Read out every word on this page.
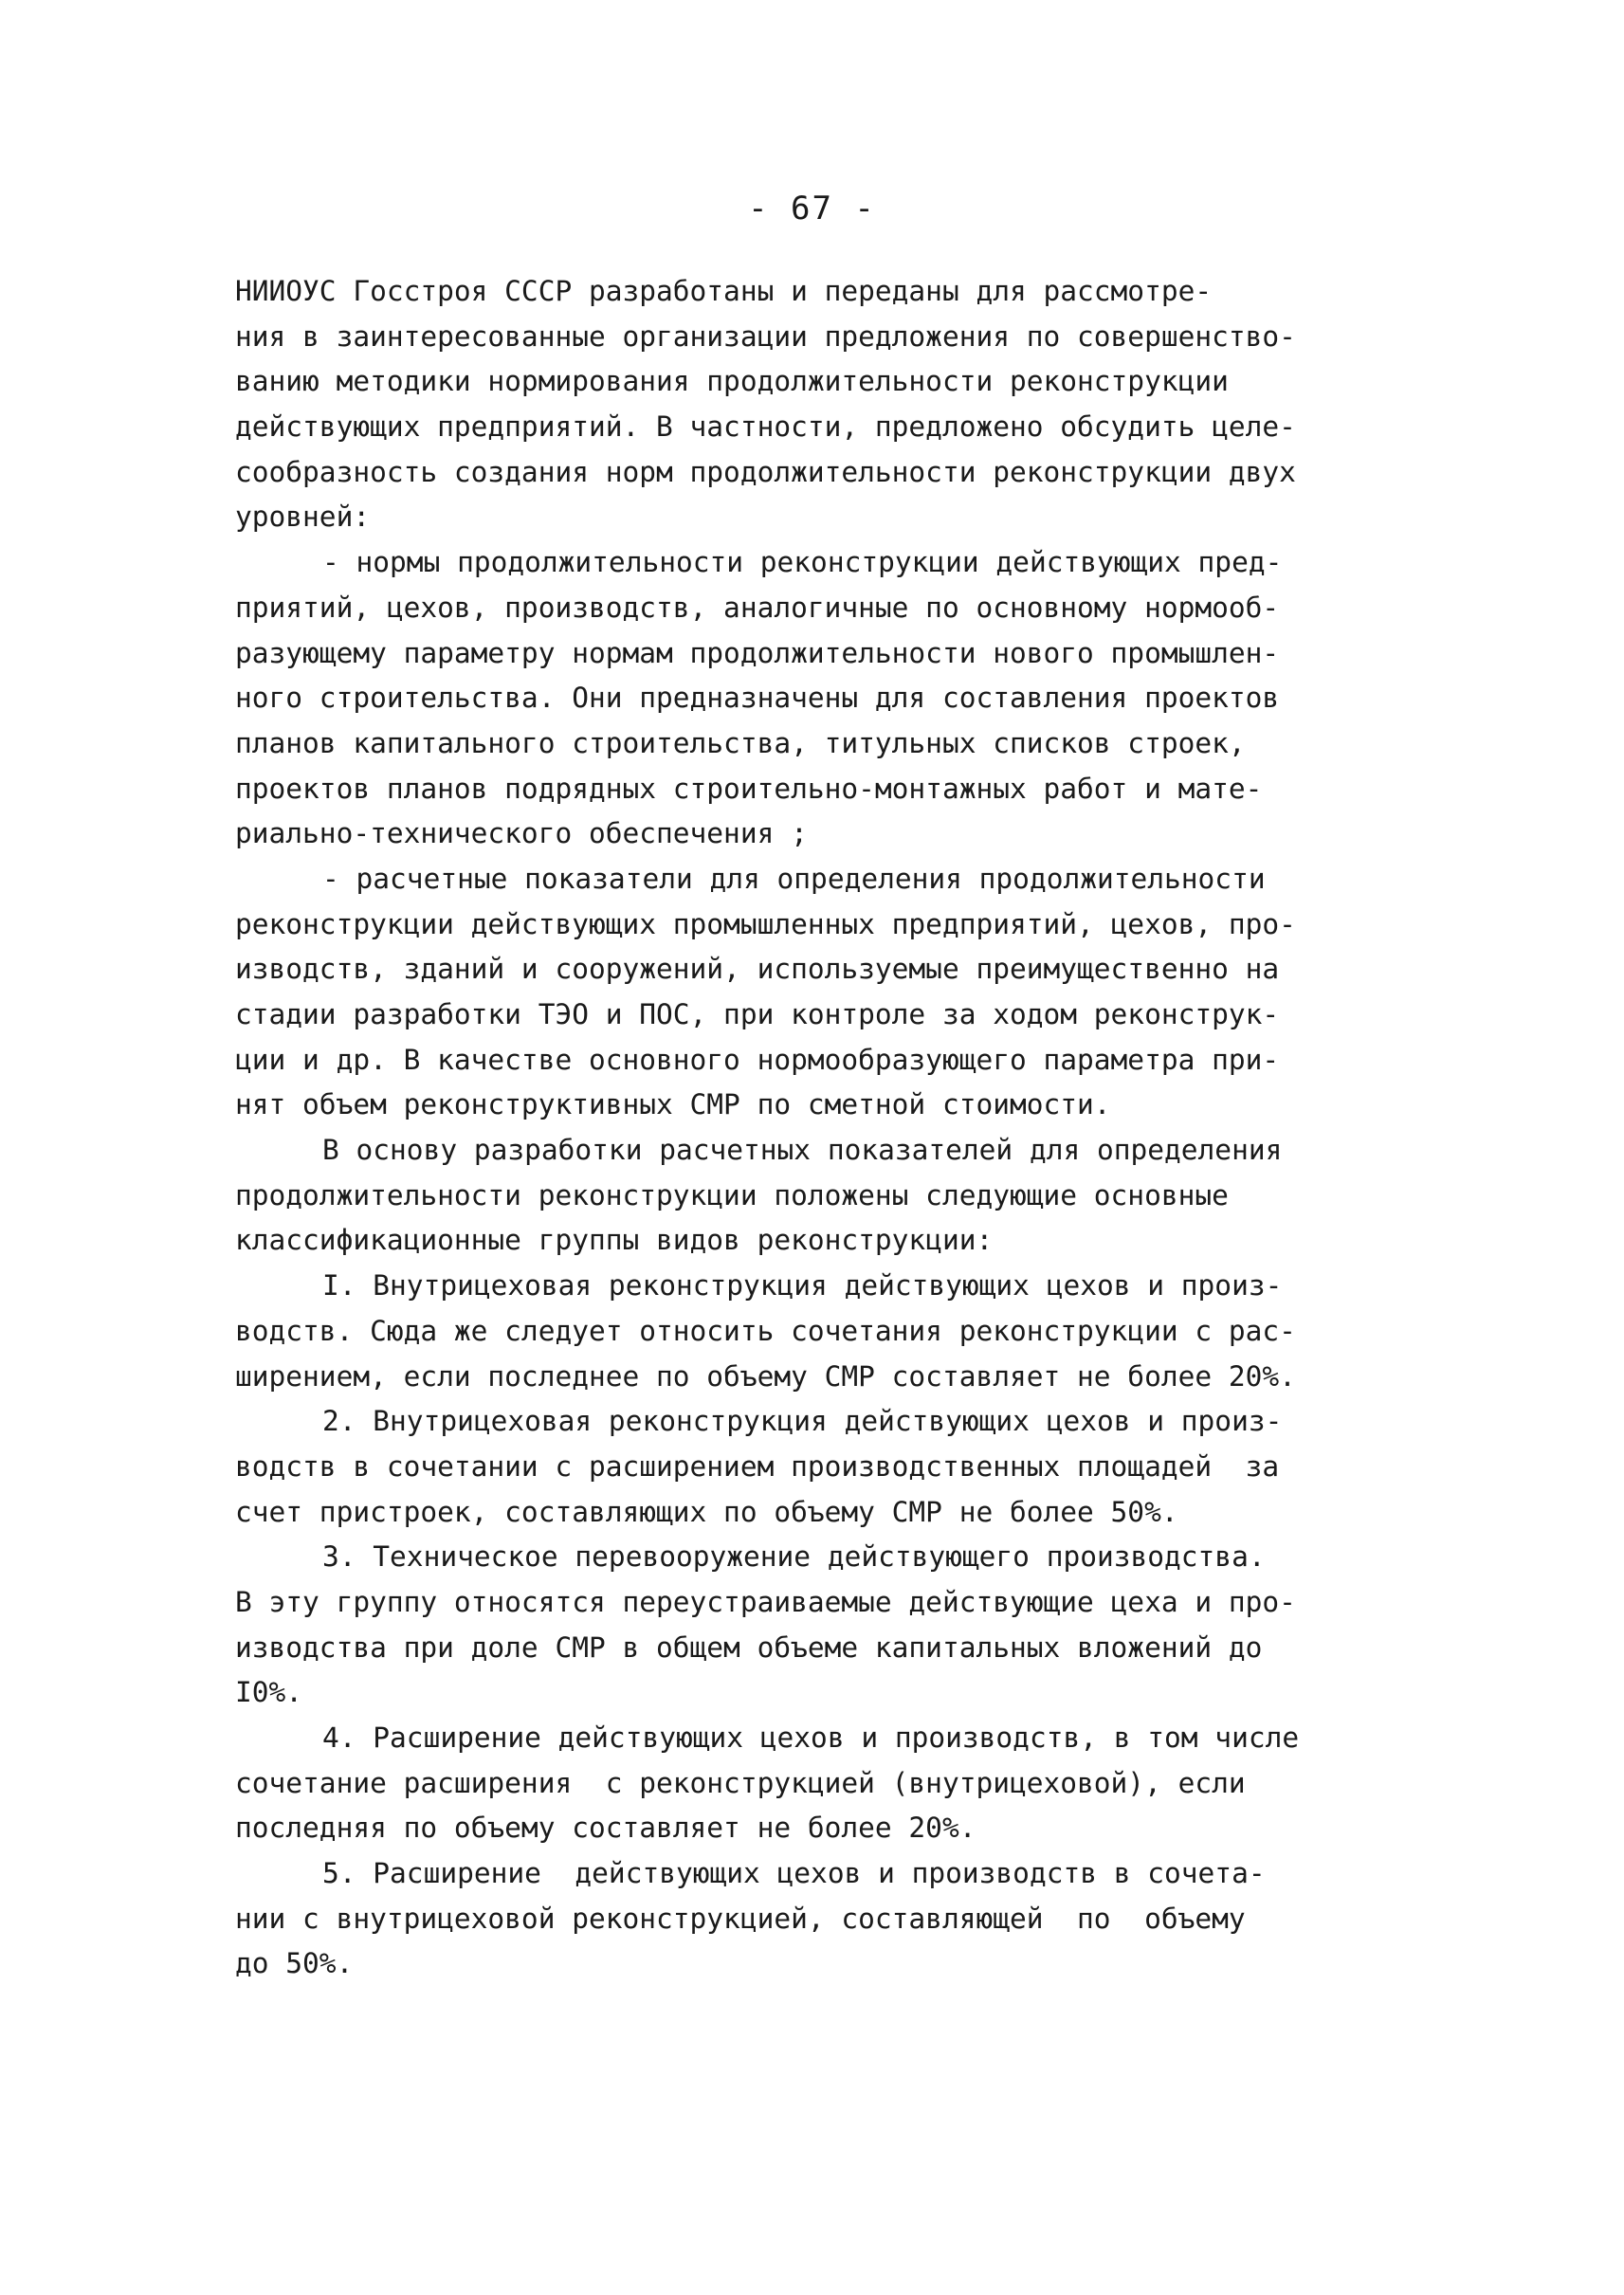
- 67 -
НИИОУС Госстроя СССР разработаны и переданы для рассмотре-
ния в заинтересованные организации предложения по совершенство-
ванию методики нормирования продолжительности реконструкции
действующих предприятий. В частности, предложено обсудить целе-
сообразность создания норм продолжительности реконструкции двух
уровней:
- нормы продолжительности реконструкции действующих пред-
приятий, цехов, производств, аналогичные по основному нормооб-
разующему параметру нормам продолжительности нового промышлен-
ного строительства. Они предназначены для составления проектов
планов капитального строительства, титульных списков строек,
проектов планов подрядных строительно-монтажных работ и мате-
риально-технического обеспечения ;
- расчетные показатели для определения продолжительности
реконструкции действующих промышленных предприятий, цехов, про-
изводств, зданий и сооружений, используемые преимущественно на
стадии разработки ТЭО и ПОС, при контроле за ходом реконструк-
ции и др. В качестве основного нормообразующего параметра при-
нят объем реконструктивных СМР по сметной стоимости.
В основу разработки расчетных показателей для определения
продолжительности реконструкции положены следующие основные
классификационные группы видов реконструкции:
I. Внутрицеховая реконструкция действующих цехов и произ-
водств. Сюда же следует относить сочетания реконструкции с рас-
ширением, если последнее по объему СМР составляет не более 20%.
2. Внутрицеховая реконструкция действующих цехов и произ-
водств в сочетании с расширением производственных площадей  за
счет пристроек, составляющих по объему СМР не более 50%.
3. Техническое перевооружение действующего производства.
В эту группу относятся переустраиваемые действующие цеха и про-
изводства при доле СМР в общем объеме капитальных вложений до
I0%.
4. Расширение действующих цехов и производств, в том числе
сочетание расширения  с реконструкцией (внутрицеховой), если
последняя по объему составляет не более 20%.
5. Расширение  действующих цехов и производств в сочета-
нии с внутрицеховой реконструкцией, составляющей  по  объему
до 50%.
